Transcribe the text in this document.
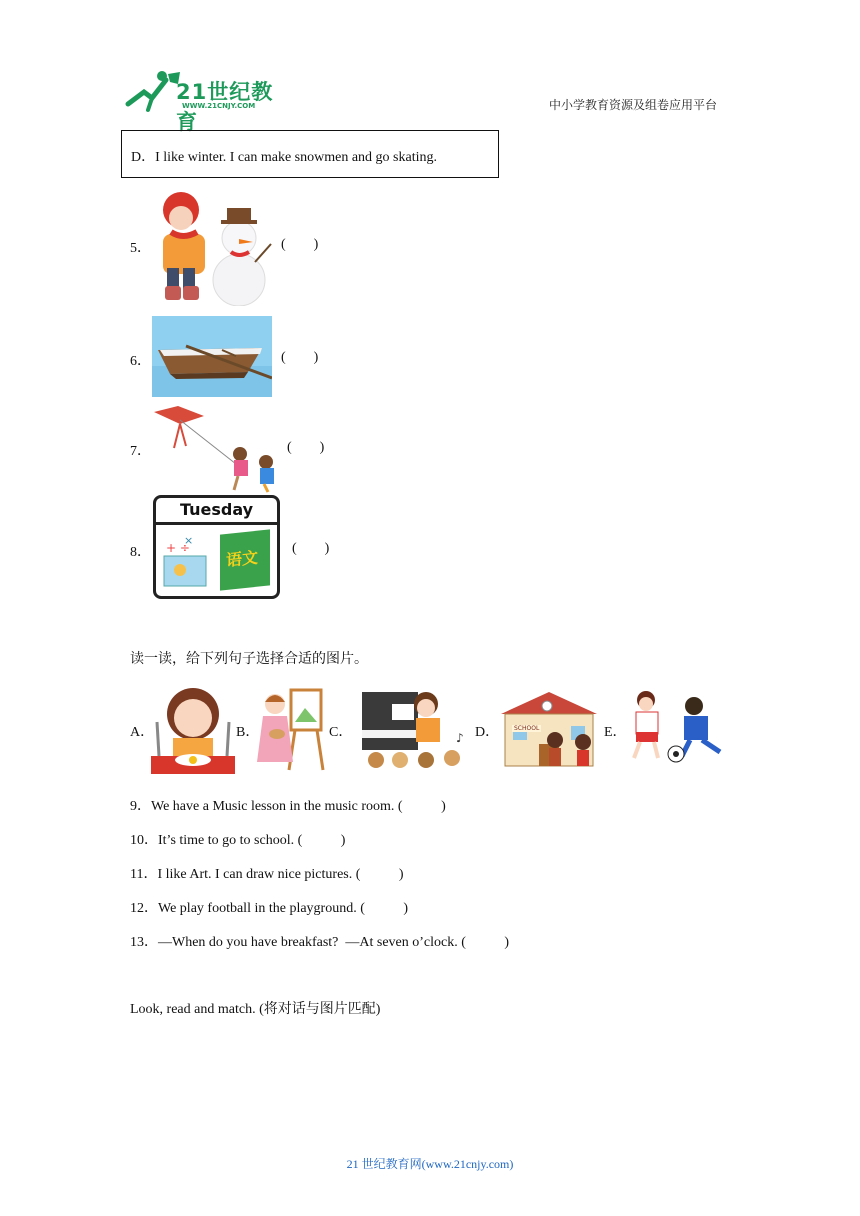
21世纪教育
WWW.21CNJY.COM	中小学教育资源及组卷应用平台
D．I like winter. I can make snowmen and go skating.
5．	(        )
6．	(        )
7．	(        )
8．
Tuesday
+ ÷
×
语文 (        )
读一读，给下列句子选择合适的图片。
A．	B．	C．	♪ D．	SCHOOL	E．
9．We have a Music lesson in the music room. (           )
10．It’s time to go to school. (           )
11．I like Art. I can draw nice pictures. (           )
12．We play football in the playground. (           )
13．—When do you have breakfast?  —At seven o’clock. (           )
Look, read and match. (将对话与图片匹配)
21 世纪教育网(www.21cnjy.com)
